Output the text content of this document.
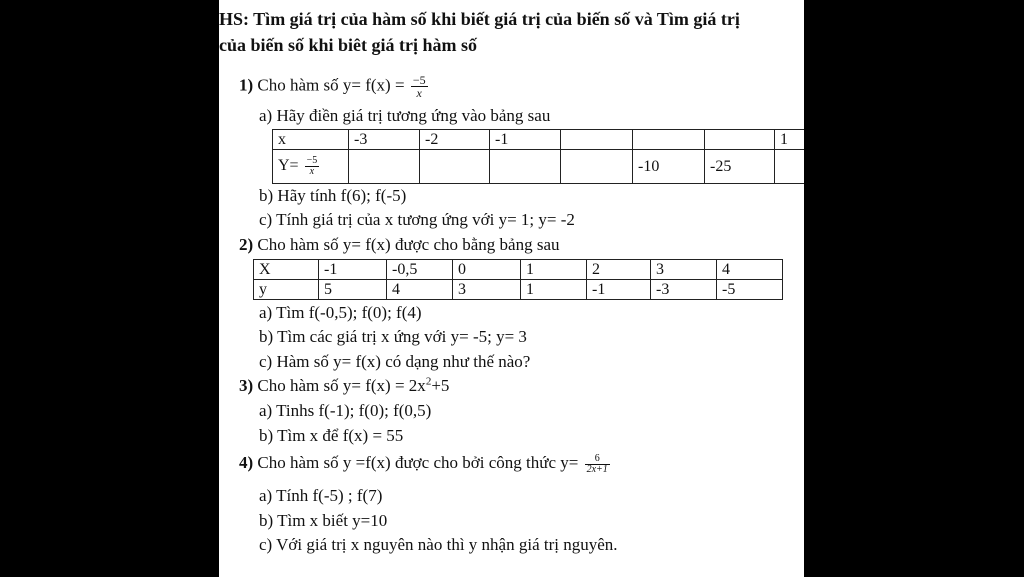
HS: Tìm giá trị của hàm số khi biết giá trị của biến số và Tìm giá trị
của biến số khi biêt giá trị hàm số
1) Cho hàm số $y= f(x) = \frac{-5}{x}$
a) Hãy điền giá trị tương ứng vào bảng sau
x	-3	-2	-1				1
$Y= \frac{-5}{x}$					-10	-25	
b) Hãy tính f(6); f(-5)
c) Tính giá trị của x tương ứng với y= 1; y= -2
2) Cho hàm số y= f(x) được cho bằng bảng sau
X	-1	-0,5	0	1	2	3	4
y	5	4	3	1	-1	-3	-5
a) Tìm f(-0,5); f(0); f(4)
b) Tìm các giá trị x ứng với y= -5; y= 3
c) Hàm số y= f(x) có dạng như thế nào?
3) Cho hàm số $y= f(x) = 2x^2+5$
a) Tinhs f(-1); f(0); f(0,5)
b) Tìm x để f(x) = 55
4) Cho hàm số y =f(x) được cho bởi công thức $y= \frac{6}{2x+1}$
a) Tính f(-5) ; f(7)
b) Tìm x biết y=10
c) Với giá trị x nguyên nào thì y nhận giá trị nguyên.
